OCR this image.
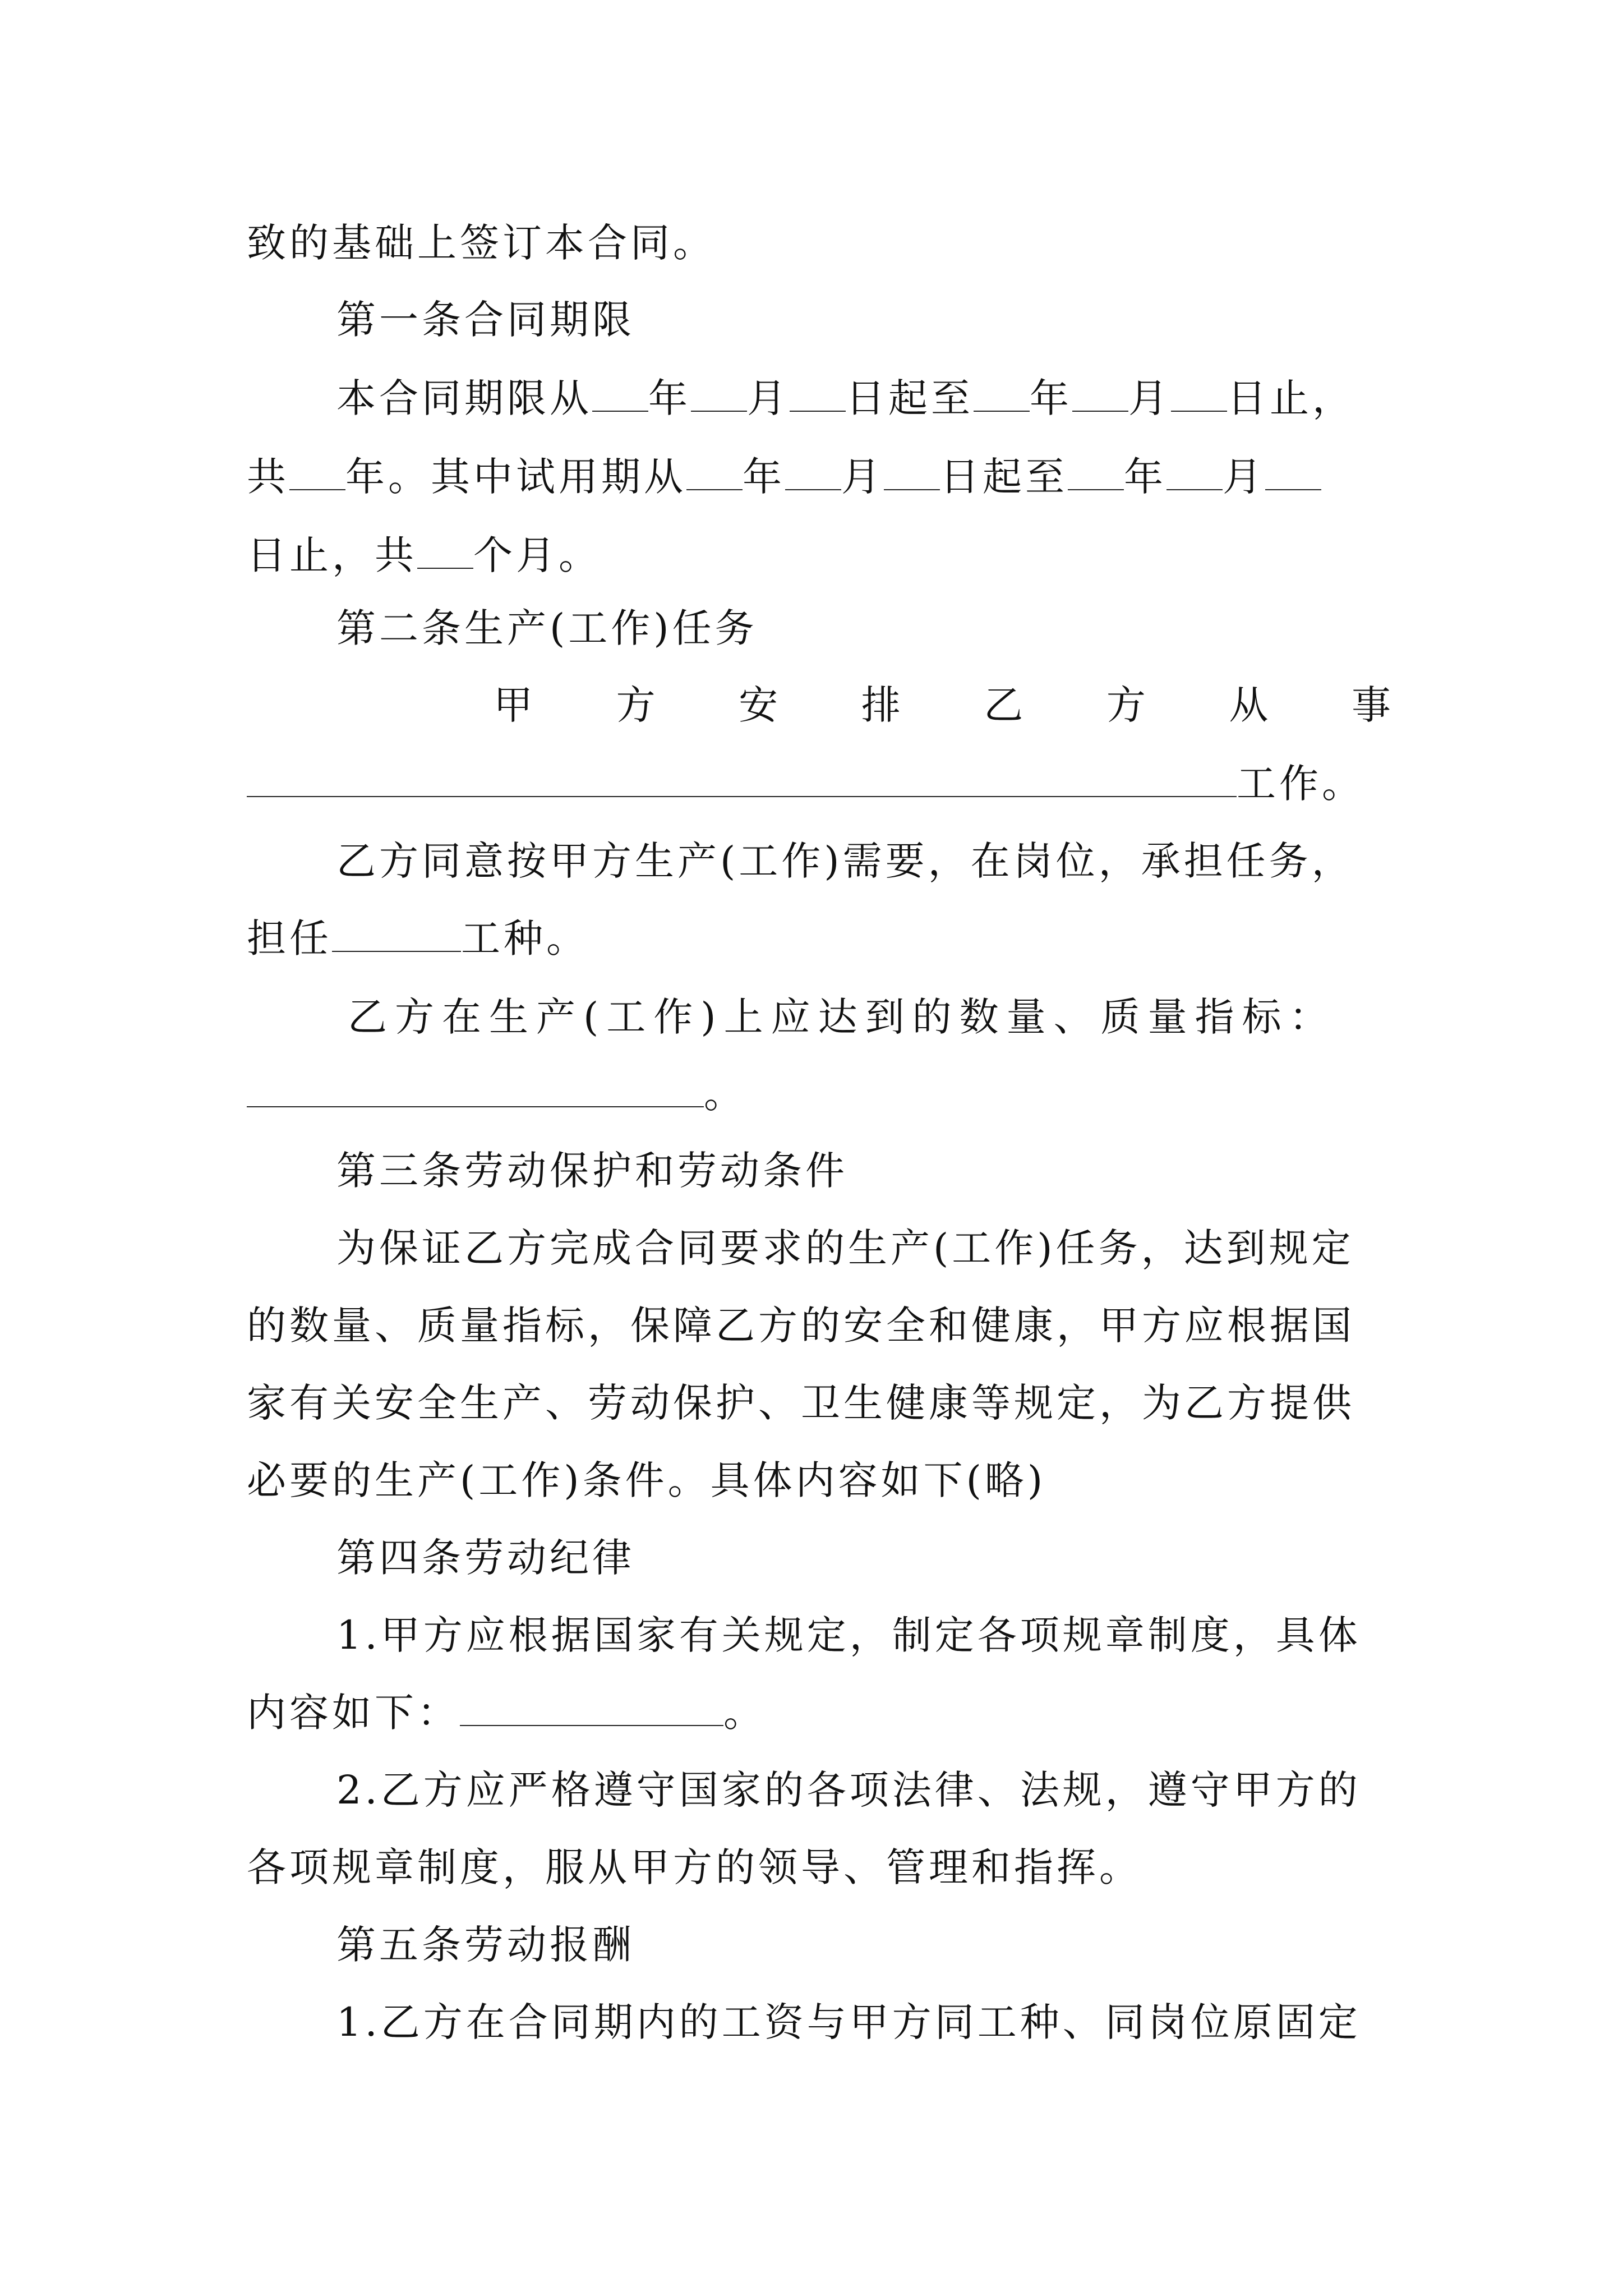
致的基础上签订本合同。
第一条合同期限
本合同期限从 年 月 日起至 年 月 日止，
共 年。其中试用期从 年 月 日起至 年 月
日止，共 个月。
第二条生产(工作)任务
甲 方 安 排 乙 方 从 事
工作。
乙方同意按甲方生产(工作)需要，在岗位，承担任务，
担任	工种。
乙方在生产(工作)上应达到的数量、质量指标：
。
第三条劳动保护和劳动条件
为保证乙方完成合同要求的生产(工作)任务，达到规定
的数量、质量指标，保障乙方的安全和健康，甲方应根据国
家有关安全生产、劳动保护、卫生健康等规定，为乙方提供
必要的生产(工作)条件。具体内容如下(略)
第四条劳动纪律
1.甲方应根据国家有关规定，制定各项规章制度，具体
内容如下：	。
2.乙方应严格遵守国家的各项法律、法规，遵守甲方的
各项规章制度，服从甲方的领导、管理和指挥。
第五条劳动报酬
1.乙方在合同期内的工资与甲方同工种、同岗位原固定
